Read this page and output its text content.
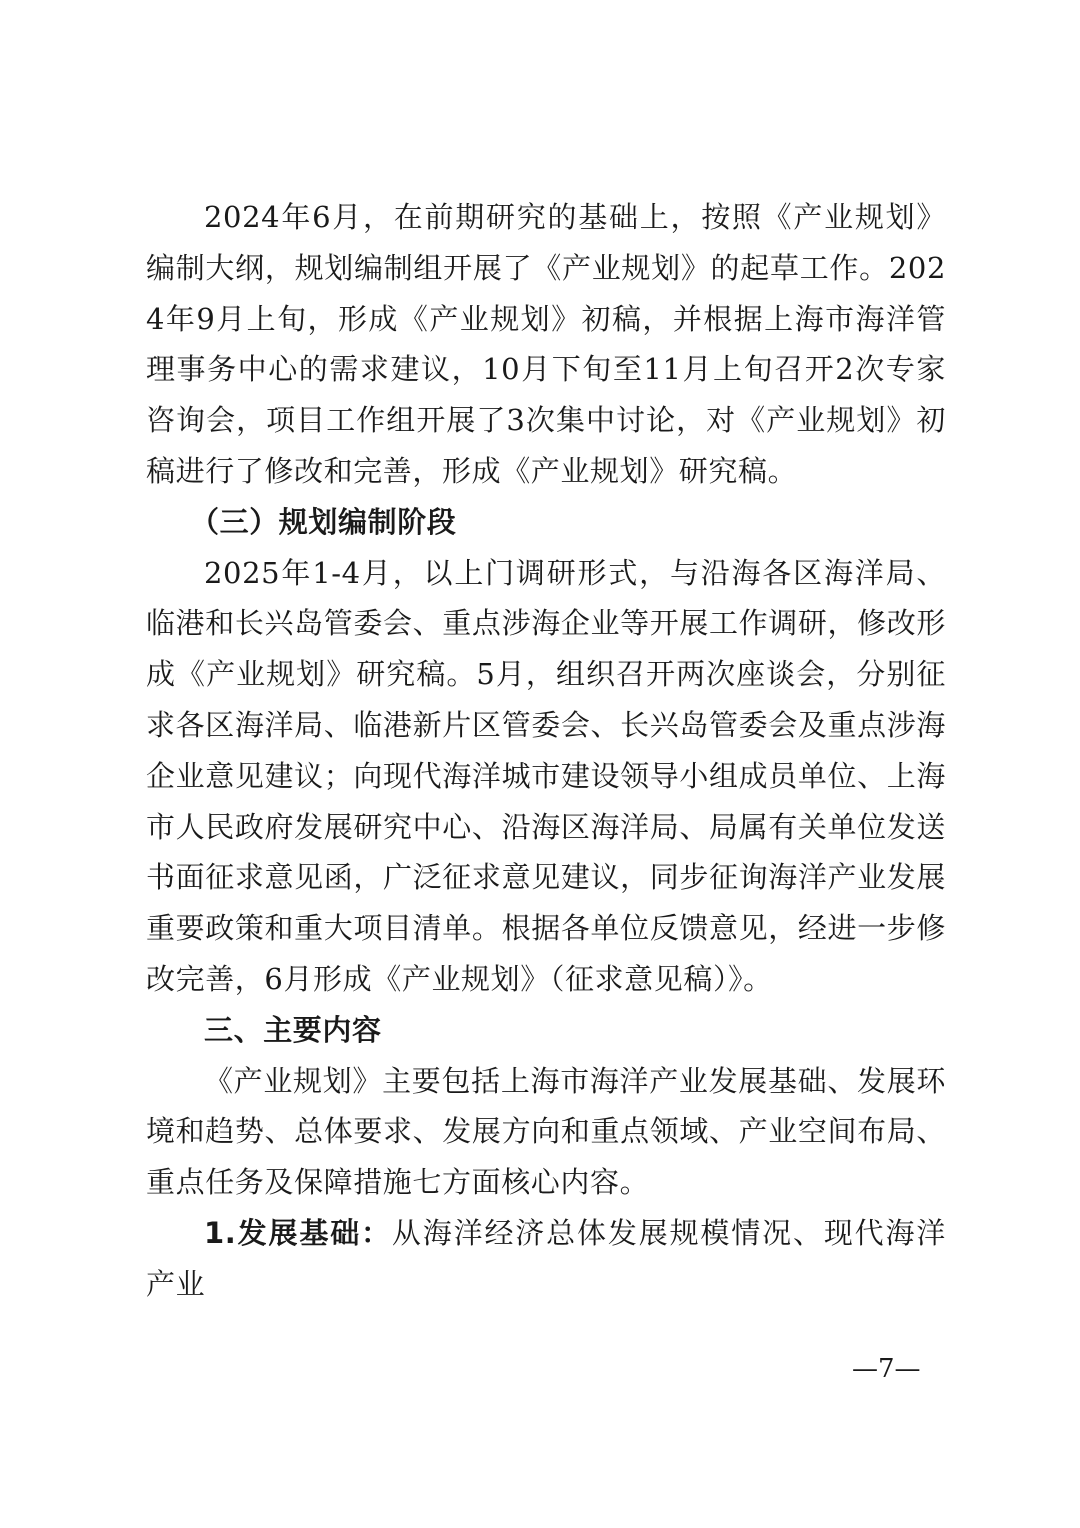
2024年6月，在前期研究的基础上，按照《产业规划》编制大纲，规划编制组开展了《产业规划》的起草工作。2024年9月上旬，形成《产业规划》初稿，并根据上海市海洋管理事务中心的需求建议，10月下旬至11月上旬召开2次专家咨询会，项目工作组开展了3次集中讨论，对《产业规划》初稿进行了修改和完善，形成《产业规划》研究稿。

（三）规划编制阶段

2025年1-4月，以上门调研形式，与沿海各区海洋局、临港和长兴岛管委会、重点涉海企业等开展工作调研，修改形成《产业规划》研究稿。5月，组织召开两次座谈会，分别征求各区海洋局、临港新片区管委会、长兴岛管委会及重点涉海企业意见建议；向现代海洋城市建设领导小组成员单位、上海市人民政府发展研究中心、沿海区海洋局、局属有关单位发送书面征求意见函，广泛征求意见建议，同步征询海洋产业发展重要政策和重大项目清单。根据各单位反馈意见，经进一步修改完善，6月形成《产业规划》（征求意见稿）》。

三、主要内容

《产业规划》主要包括上海市海洋产业发展基础、发展环境和趋势、总体要求、发展方向和重点领域、产业空间布局、重点任务及保障措施七方面核心内容。

1.发展基础：从海洋经济总体发展规模情况、现代海洋产业

—7—
